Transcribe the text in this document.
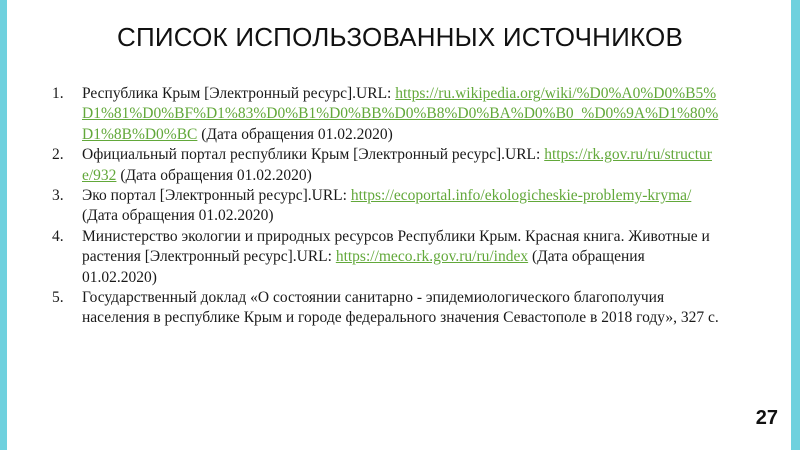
СПИСОК ИСПОЛЬЗОВАННЫХ ИСТОЧНИКОВ
1. Республика Крым [Электронный ресурс].URL: https://ru.wikipedia.org/wiki/%D0%A0%D0%B5%D1%81%D0%BF%D1%83%D0%B1%D0%BB%D0%B8%D0%BA%D0%B0_%D0%9A%D1%80%D1%8B%D0%BC (Дата обращения 01.02.2020)
2. Официальный портал республики Крым [Электронный ресурс].URL: https://rk.gov.ru/ru/structure/932 (Дата обращения 01.02.2020)
3. Эко портал [Электронный ресурс].URL: https://ecoportal.info/ekologicheskie-problemy-kryma/ (Дата обращения 01.02.2020)
4. Министерство экологии и природных ресурсов Республики Крым. Красная книга. Животные и растения [Электронный ресурс].URL: https://meco.rk.gov.ru/ru/index (Дата обращения 01.02.2020)
5. Государственный доклад «О состоянии санитарно - эпидемиологического благополучия населения в республике Крым и городе федерального значения Севастополе в 2018 году», 327 с.
27
